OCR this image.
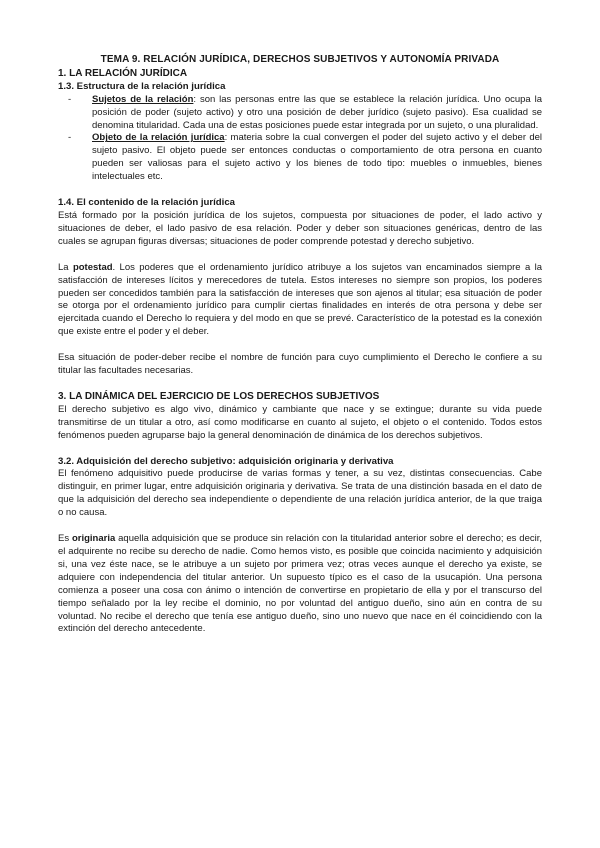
TEMA 9. RELACIÓN JURÍDICA, DERECHOS SUBJETIVOS Y AUTONOMÍA PRIVADA
1. LA RELACIÓN JURÍDICA
1.3. Estructura de la relación jurídica
- Sujetos de la relación: son las personas entre las que se establece la relación jurídica. Uno ocupa la posición de poder (sujeto activo) y otro una posición de deber jurídico (sujeto pasivo). Esa cualidad se denomina titularidad. Cada una de estas posiciones puede estar integrada por un sujeto, o una pluralidad.
- Objeto de la relación jurídica: materia sobre la cual convergen el poder del sujeto activo y el deber del sujeto pasivo. El objeto puede ser entonces conductas o comportamiento de otra persona en cuanto pueden ser valiosas para el sujeto activo y los bienes de todo tipo: muebles o inmuebles, bienes intelectuales etc.
1.4. El contenido de la relación jurídica

Está formado por la posición jurídica de los sujetos, compuesta por situaciones de poder, el lado activo y situaciones de deber, el lado pasivo de esa relación. Poder y deber son situaciones genéricas, dentro de las cuales se agrupan figuras diversas; situaciones de poder comprende potestad y derecho subjetivo.

La potestad. Los poderes que el ordenamiento jurídico atribuye a los sujetos van encaminados siempre a la satisfacción de intereses lícitos y merecedores de tutela. Estos intereses no siempre son propios, los poderes pueden ser concedidos también para la satisfacción de intereses que son ajenos al titular; esa situación de poder se otorga por el ordenamiento jurídico para cumplir ciertas finalidades en interés de otra persona y debe ser ejercitada cuando el Derecho lo requiera y del modo en que se prevé. Característico de la potestad es la conexión que existe entre el poder y el deber.

Esa situación de poder-deber recibe el nombre de función para cuyo cumplimiento el Derecho le confiere a su titular las facultades necesarias.

3. LA DINÁMICA DEL EJERCICIO DE LOS DERECHOS SUBJETIVOS

El derecho subjetivo es algo vivo, dinámico y cambiante que nace y se extingue; durante su vida puede transmitirse de un titular a otro, así como modificarse en cuanto al sujeto, el objeto o el contenido. Todos estos fenómenos pueden agruparse bajo la general denominación de dinámica de los derechos subjetivos.

3.2. Adquisición del derecho subjetivo: adquisición originaria y derivativa

El fenómeno adquisitivo puede producirse de varias formas y tener, a su vez, distintas consecuencias. Cabe distinguir, en primer lugar, entre adquisición originaria y derivativa. Se trata de una distinción basada en el dato de que la adquisición del derecho sea independiente o dependiente de una relación jurídica anterior, de la que traiga o no causa.

Es originaria aquella adquisición que se produce sin relación con la titularidad anterior sobre el derecho; es decir, el adquirente no recibe su derecho de nadie. Como hemos visto, es posible que coincida nacimiento y adquisición si, una vez éste nace, se le atribuye a un sujeto por primera vez; otras veces aunque el derecho ya existe, se adquiere con independencia del titular anterior. Un supuesto típico es el caso de la usucapión. Una persona comienza a poseer una cosa con ánimo o intención de convertirse en propietario de ella y por el transcurso del tiempo señalado por la ley recibe el dominio, no por voluntad del antiguo dueño, sino aún en contra de su voluntad. No recibe el derecho que tenía ese antiguo dueño, sino uno nuevo que nace en él coincidiendo con la extinción del derecho antecedente.
